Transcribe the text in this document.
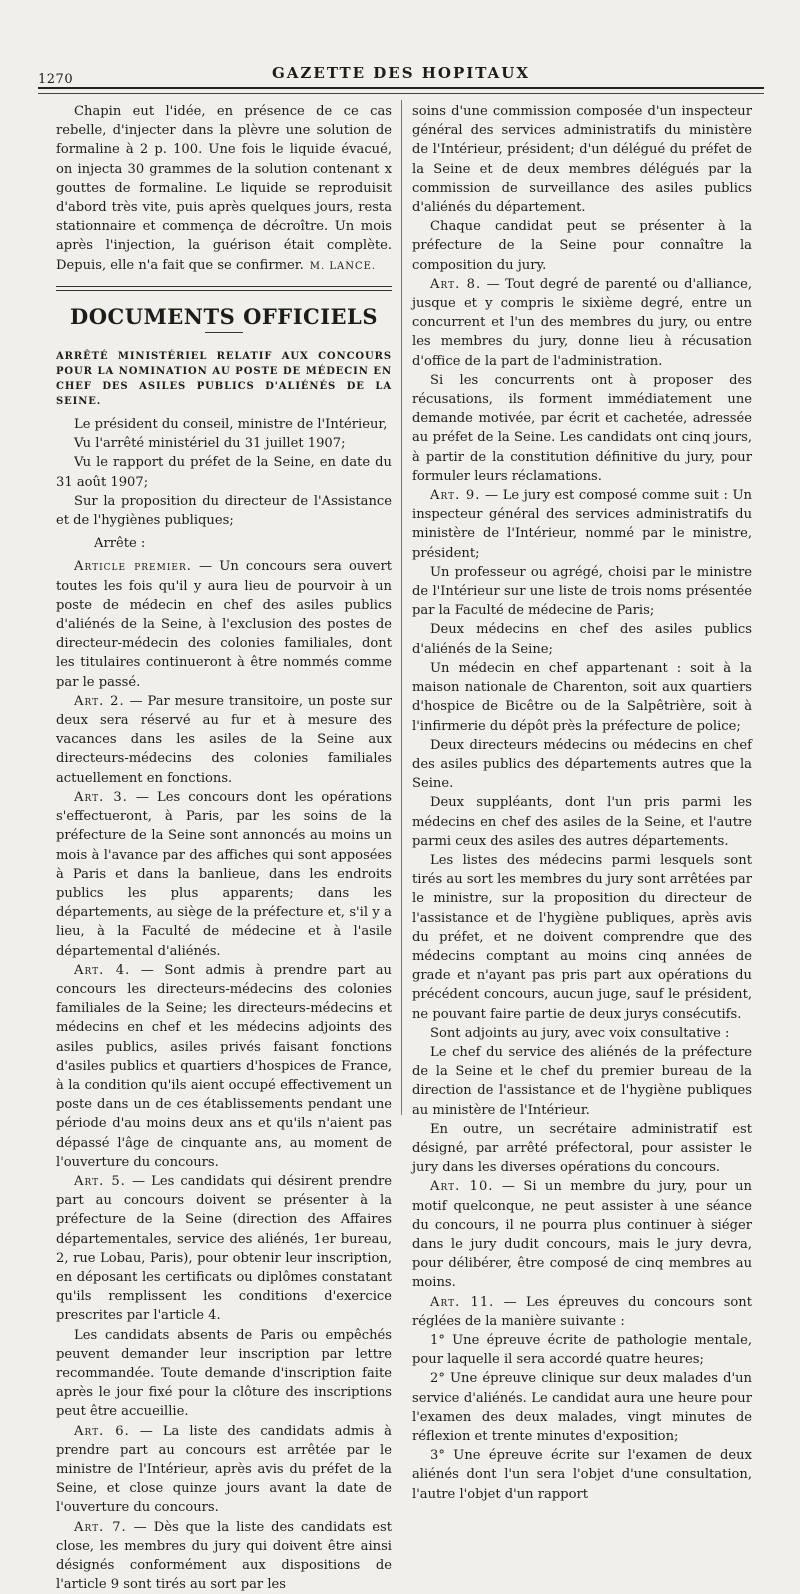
1270	GAZETTE DES HOPITAUX

Chapin eut l'idée, en présence de ce cas rebelle, d'injecter dans la plèvre une solution de formaline à 2 p. 100. Une fois le liquide évacué, on injecta 30 grammes de la solution contenant x gouttes de formaline. Le liquide se reproduisit d'abord très vite, puis après quelques jours, resta stationnaire et commença de décroître. Un mois après l'injection, la guérison était complète. Depuis, elle n'a fait que se confirmer. M. LANCE.

DOCUMENTS OFFICIELS

ARRÊTÉ MINISTÉRIEL RELATIF AUX CONCOURS POUR LA NOMINATION AU POSTE DE MÉDECIN EN CHEF DES ASILES PUBLICS D'ALIÉNÉS DE LA SEINE.

Le président du conseil, ministre de l'Intérieur,

Vu l'arrêté ministériel du 31 juillet 1907;

Vu le rapport du préfet de la Seine, en date du 31 août 1907;

Sur la proposition du directeur de l'Assistance et de l'hygiènes publiques;

Arrête :

Article premier. — Un concours sera ouvert toutes les fois qu'il y aura lieu de pourvoir à un poste de médecin en chef des asiles publics d'aliénés de la Seine, à l'exclusion des postes de directeur-médecin des colonies familiales, dont les titulaires continueront à être nommés comme par le passé.

Art. 2. — Par mesure transitoire, un poste sur deux sera réservé au fur et à mesure des vacances dans les asiles de la Seine aux directeurs-médecins des colonies familiales actuellement en fonctions.

Art. 3. — Les concours dont les opérations s'effectueront, à Paris, par les soins de la préfecture de la Seine sont annoncés au moins un mois à l'avance par des affiches qui sont apposées à Paris et dans la banlieue, dans les endroits publics les plus apparents; dans les départements, au siège de la préfecture et, s'il y a lieu, à la Faculté de médecine et à l'asile départemental d'aliénés.

Art. 4. — Sont admis à prendre part au concours les directeurs-médecins des colonies familiales de la Seine; les directeurs-médecins et médecins en chef et les médecins adjoints des asiles publics, asiles privés faisant fonctions d'asiles publics et quartiers d'hospices de France, à la condition qu'ils aient occupé effectivement un poste dans un de ces établissements pendant une période d'au moins deux ans et qu'ils n'aient pas dépassé l'âge de cinquante ans, au moment de l'ouverture du concours.

Art. 5. — Les candidats qui désirent prendre part au concours doivent se présenter à la préfecture de la Seine (direction des Affaires départementales, service des aliénés, 1er bureau, 2, rue Lobau, Paris), pour obtenir leur inscription, en déposant les certificats ou diplômes constatant qu'ils remplissent les conditions d'exercice prescrites par l'article 4.

Les candidats absents de Paris ou empêchés peuvent demander leur inscription par lettre recommandée. Toute demande d'inscription faite après le jour fixé pour la clôture des inscriptions peut être accueillie.

Art. 6. — La liste des candidats admis à prendre part au concours est arrêtée par le ministre de l'Intérieur, après avis du préfet de la Seine, et close quinze jours avant la date de l'ouverture du concours.

Art. 7. — Dès que la liste des candidats est close, les membres du jury qui doivent être ainsi désignés conformément aux dispositions de l'article 9 sont tirés au sort par les

soins d'une commission composée d'un inspecteur général des services administratifs du ministère de l'Intérieur, président; d'un délégué du préfet de la Seine et de deux membres délégués par la commission de surveillance des asiles publics d'aliénés du département.

Chaque candidat peut se présenter à la préfecture de la Seine pour connaître la composition du jury.

Art. 8. — Tout degré de parenté ou d'alliance, jusque et y compris le sixième degré, entre un concurrent et l'un des membres du jury, ou entre les membres du jury, donne lieu à récusation d'office de la part de l'administration.

Si les concurrents ont à proposer des récusations, ils forment immédiatement une demande motivée, par écrit et cachetée, adressée au préfet de la Seine. Les candidats ont cinq jours, à partir de la constitution définitive du jury, pour formuler leurs réclamations.

Art. 9. — Le jury est composé comme suit : Un inspecteur général des services administratifs du ministère de l'Intérieur, nommé par le ministre, président;

Un professeur ou agrégé, choisi par le ministre de l'Intérieur sur une liste de trois noms présentée par la Faculté de médecine de Paris;

Deux médecins en chef des asiles publics d'aliénés de la Seine;

Un médecin en chef appartenant : soit à la maison nationale de Charenton, soit aux quartiers d'hospice de Bicêtre ou de la Salpêtrière, soit à l'infirmerie du dépôt près la préfecture de police;

Deux directeurs médecins ou médecins en chef des asiles publics des départements autres que la Seine.

Deux suppléants, dont l'un pris parmi les médecins en chef des asiles de la Seine, et l'autre parmi ceux des asiles des autres départements.

Les listes des médecins parmi lesquels sont tirés au sort les membres du jury sont arrêtées par le ministre, sur la proposition du directeur de l'assistance et de l'hygiène publiques, après avis du préfet, et ne doivent comprendre que des médecins comptant au moins cinq années de grade et n'ayant pas pris part aux opérations du précédent concours, aucun juge, sauf le président, ne pouvant faire partie de deux jurys consécutifs.

Sont adjoints au jury, avec voix consultative :

Le chef du service des aliénés de la préfecture de la Seine et le chef du premier bureau de la direction de l'assistance et de l'hygiène publiques au ministère de l'Intérieur.

En outre, un secrétaire administratif est désigné, par arrêté préfectoral, pour assister le jury dans les diverses opérations du concours.

Art. 10. — Si un membre du jury, pour un motif quelconque, ne peut assister à une séance du concours, il ne pourra plus continuer à siéger dans le jury dudit concours, mais le jury devra, pour délibérer, être composé de cinq membres au moins.

Art. 11. — Les épreuves du concours sont réglées de la manière suivante :

1° Une épreuve écrite de pathologie mentale, pour laquelle il sera accordé quatre heures;

2° Une épreuve clinique sur deux malades d'un service d'aliénés. Le candidat aura une heure pour l'examen des deux malades, vingt minutes de réflexion et trente minutes d'exposition;

3° Une épreuve écrite sur l'examen de deux aliénés dont l'un sera l'objet d'une consultation, l'autre l'objet d'un rapport
